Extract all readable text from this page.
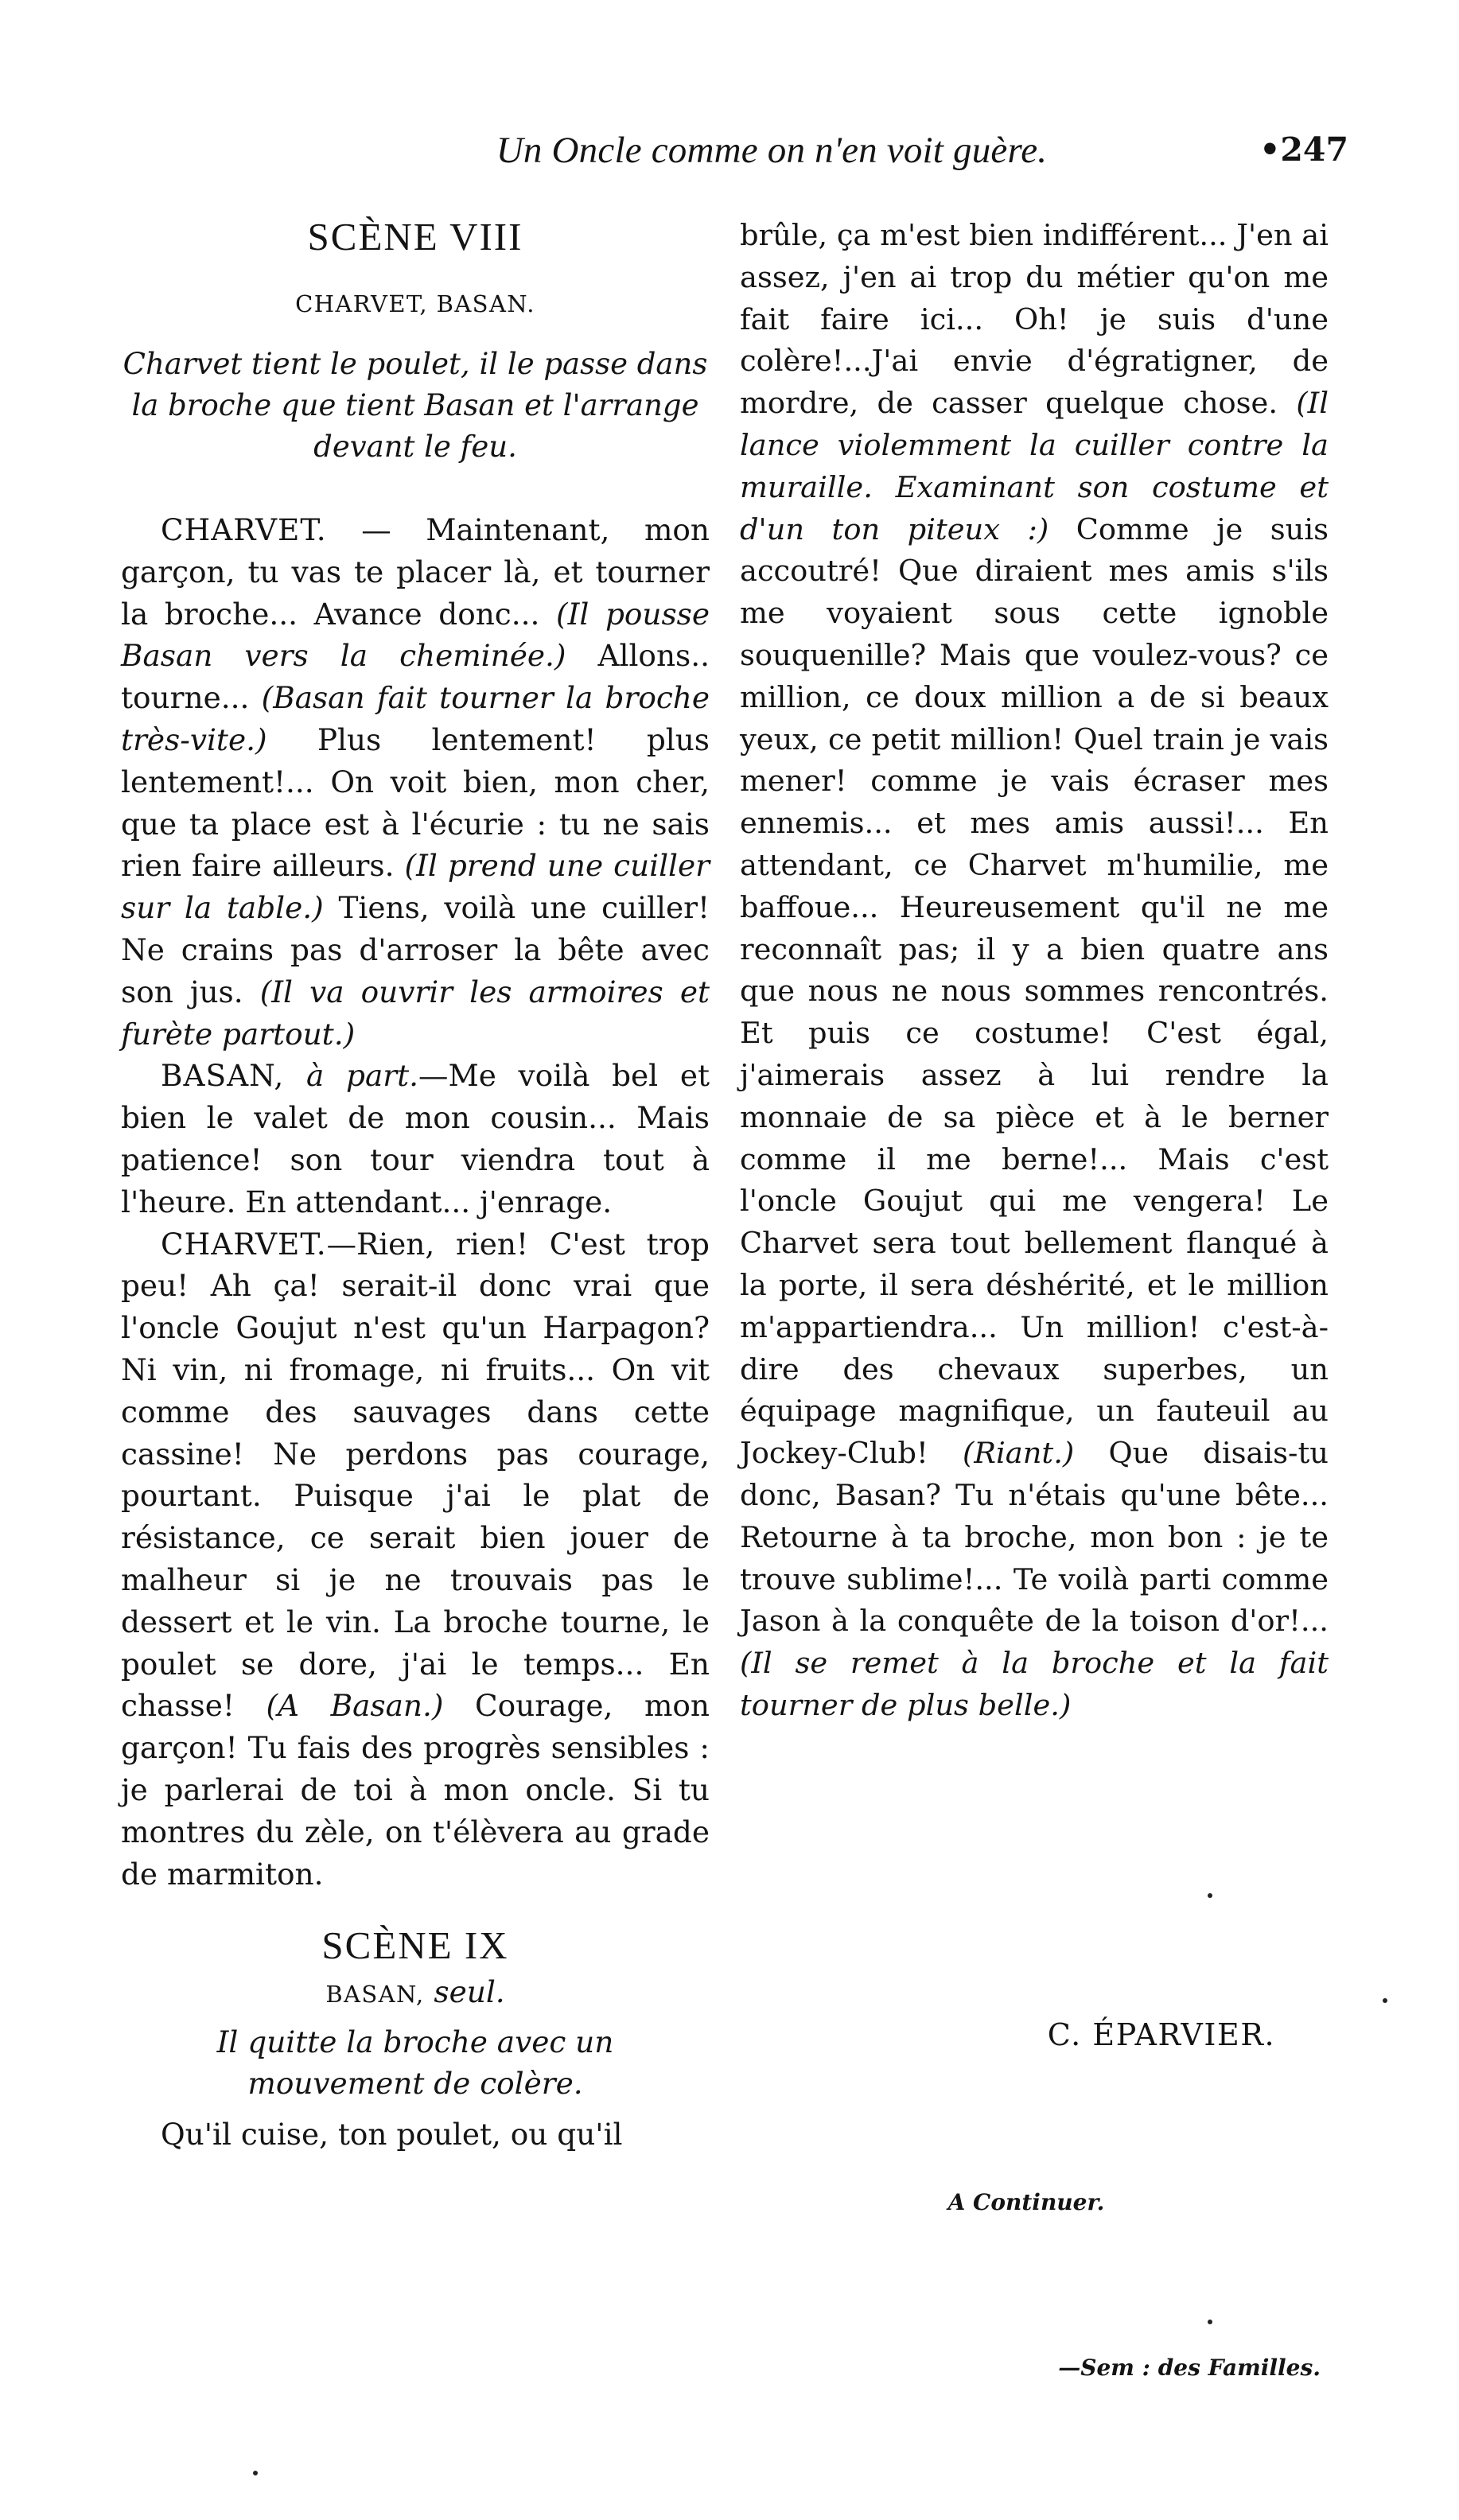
Un Oncle comme on n'en voit guère.	•247

SCÈNE VIII

CHARVET, BASAN.

Charvet tient le poulet, il le passe dans la broche que tient Basan et l'arrange devant le feu.

CHARVET. — Maintenant, mon garçon, tu vas te placer là, et tourner la broche... Avance donc... (Il pousse Basan vers la cheminée.) Allons.. tourne... (Basan fait tourner la broche très-vite.) Plus lentement! plus lentement!... On voit bien, mon cher, que ta place est à l'écurie : tu ne sais rien faire ailleurs. (Il prend une cuiller sur la table.) Tiens, voilà une cuiller! Ne crains pas d'arroser la bête avec son jus. (Il va ouvrir les armoires et furète partout.)

BASAN, à part.—Me voilà bel et bien le valet de mon cousin... Mais patience! son tour viendra tout à l'heure. En attendant... j'enrage.

CHARVET.—Rien, rien! C'est trop peu! Ah ça! serait-il donc vrai que l'oncle Goujut n'est qu'un Harpagon? Ni vin, ni fromage, ni fruits... On vit comme des sauvages dans cette cassine! Ne perdons pas courage, pourtant. Puisque j'ai le plat de résistance, ce serait bien jouer de malheur si je ne trouvais pas le dessert et le vin. La broche tourne, le poulet se dore, j'ai le temps... En chasse! (A Basan.) Courage, mon garçon! Tu fais des progrès sensibles : je parlerai de toi à mon oncle. Si tu montres du zèle, on t'élèvera au grade de marmiton.

SCÈNE IX

BASAN, seul.

Il quitte la broche avec un mouvement de colère.

Qu'il cuise, ton poulet, ou qu'il

brûle, ça m'est bien indifférent... J'en ai assez, j'en ai trop du métier qu'on me fait faire ici... Oh! je suis d'une colère!...J'ai envie d'égratigner, de mordre, de casser quelque chose. (Il lance violemment la cuiller contre la muraille. Examinant son costume et d'un ton piteux :) Comme je suis accoutré! Que diraient mes amis s'ils me voyaient sous cette ignoble souquenille? Mais que voulez-vous? ce million, ce doux million a de si beaux yeux, ce petit million! Quel train je vais mener! comme je vais écraser mes ennemis... et mes amis aussi!... En attendant, ce Charvet m'humilie, me baffoue... Heureusement qu'il ne me reconnaît pas; il y a bien quatre ans que nous ne nous sommes rencontrés. Et puis ce costume! C'est égal, j'aimerais assez à lui rendre la monnaie de sa pièce et à le berner comme il me berne!... Mais c'est l'oncle Goujut qui me vengera! Le Charvet sera tout bellement flanqué à la porte, il sera déshérité, et le million m'appartiendra... Un million! c'est-à-dire des chevaux superbes, un équipage magnifique, un fauteuil au Jockey-Club! (Riant.) Que disais-tu donc, Basan? Tu n'étais qu'une bête... Retourne à ta broche, mon bon : je te trouve sublime!... Te voilà parti comme Jason à la conquête de la toison d'or!... (Il se remet à la broche et la fait tourner de plus belle.)

C. ÉPARVIER.
A Continuer.
—Sem : des Familles.
